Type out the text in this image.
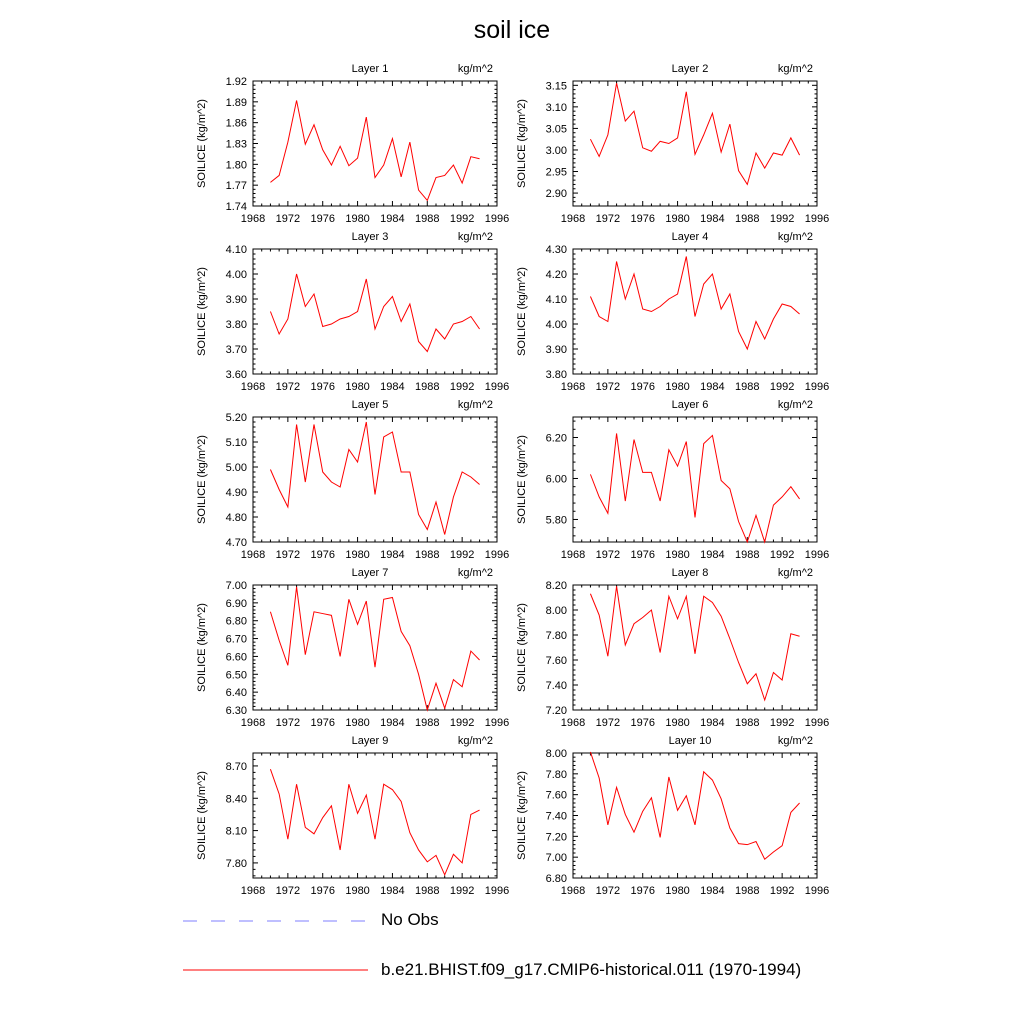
soil ice
1968 1972 1976 1980 1984 1988 1992 1996
1.74
1.77
1.80
1.83
1.86
1.89
1.92
SOILICE (kg/m^2)
Layer 1	kg/m^2
1968 1972 1976 1980 1984 1988 1992 1996
2.90
2.95
3.00
3.05
3.10
3.15
SOILICE (kg/m^2)
Layer 2	kg/m^2
1968 1972 1976 1980 1984 1988 1992 1996
3.60
3.70
3.80
3.90
4.00
4.10
SOILICE (kg/m^2)
Layer 3	kg/m^2
1968 1972 1976 1980 1984 1988 1992 1996
3.80
3.90
4.00
4.10
4.20
4.30
SOILICE (kg/m^2)
Layer 4	kg/m^2
1968 1972 1976 1980 1984 1988 1992 1996
4.70
4.80
4.90
5.00
5.10
5.20
SOILICE (kg/m^2)
Layer 5	kg/m^2
1968 1972 1976 1980 1984 1988 1992 1996
5.80
6.00
6.20
SOILICE (kg/m^2)
Layer 6	kg/m^2
1968 1972 1976 1980 1984 1988 1992 1996
6.30
6.40
6.50
6.60
6.70
6.80
6.90
7.00
SOILICE (kg/m^2)
Layer 7	kg/m^2
1968 1972 1976 1980 1984 1988 1992 1996
7.20
7.40
7.60
7.80
8.00
8.20
SOILICE (kg/m^2)
Layer 8	kg/m^2
1968 1972 1976 1980 1984 1988 1992 1996
7.80
8.10
8.40
8.70
SOILICE (kg/m^2)
Layer 9	kg/m^2
1968 1972 1976 1980 1984 1988 1992 1996
6.80
7.00
7.20
7.40
7.60
7.80
8.00
SOILICE (kg/m^2)
Layer 10	kg/m^2
No Obs
b.e21.BHIST.f09_g17.CMIP6-historical.011 (1970-1994)
